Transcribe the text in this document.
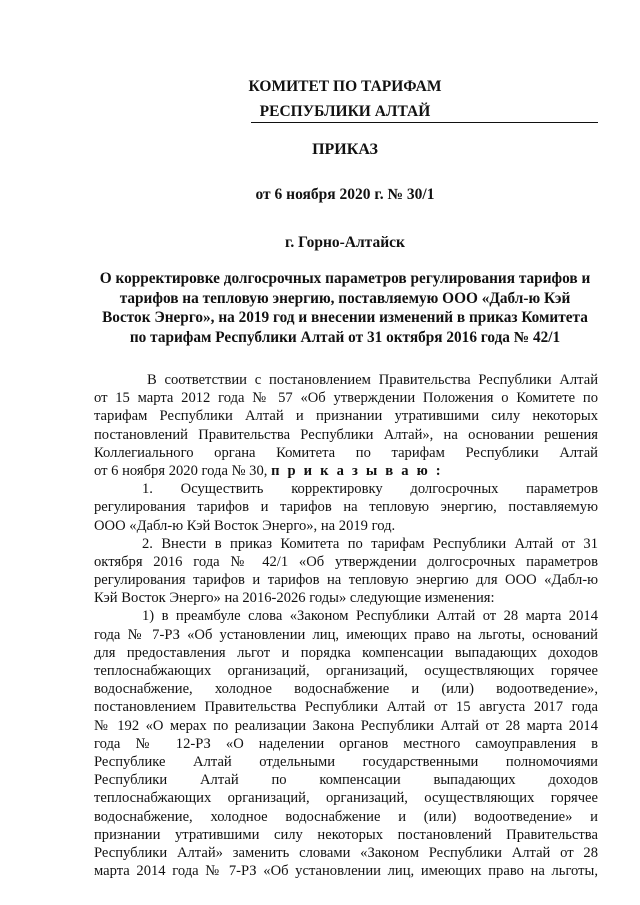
КОМИТЕТ ПО ТАРИФАМ
РЕСПУБЛИКИ АЛТАЙ
ПРИКАЗ
от 6 ноября 2020 г. № 30/1
г. Горно-Алтайск
О корректировке долгосрочных параметров регулирования тарифов и
тарифов на тепловую энергию, поставляемую ООО «Дабл-ю Кэй
Восток Энерго», на 2019 год и внесении изменений в приказ Комитета
по тарифам Республики Алтай от 31 октября 2016 года № 42/1
В соответствии с постановлением Правительства Республики Алтай
от 15 марта 2012 года № 57 «Об утверждении Положения о Комитете по
тарифам Республики Алтай и признании утратившими силу некоторых
постановлений Правительства Республики Алтай», на основании решения
Коллегиального органа Комитета по тарифам Республики Алтай
от 6 ноября 2020 года № 30, п р и к а з ы в а ю :
1. Осуществить корректировку долгосрочных параметров
регулирования тарифов и тарифов на тепловую энергию, поставляемую
ООО «Дабл-ю Кэй Восток Энерго», на 2019 год.
2. Внести в приказ Комитета по тарифам Республики Алтай от 31
октября 2016 года № 42/1 «Об утверждении долгосрочных параметров
регулирования тарифов и тарифов на тепловую энергию для ООО «Дабл-ю
Кэй Восток Энерго» на 2016-2026 годы» следующие изменения:
1) в преамбуле слова «Законом Республики Алтай от 28 марта 2014
года № 7-РЗ «Об установлении лиц, имеющих право на льготы, оснований
для предоставления льгот и порядка компенсации выпадающих доходов
теплоснабжающих организаций, организаций, осуществляющих горячее
водоснабжение, холодное водоснабжение и (или) водоотведение»,
постановлением Правительства Республики Алтай от 15 августа 2017 года
№ 192 «О мерах по реализации Закона Республики Алтай от 28 марта 2014
года № 12-РЗ «О наделении органов местного самоуправления в
Республике Алтай отдельными государственными полномочиями
Республики Алтай по компенсации выпадающих доходов
теплоснабжающих организаций, организаций, осуществляющих горячее
водоснабжение, холодное водоснабжение и (или) водоотведение» и
признании утратившими силу некоторых постановлений Правительства
Республики Алтай» заменить словами «Законом Республики Алтай от 28
марта 2014 года № 7-РЗ «Об установлении лиц, имеющих право на льготы,
